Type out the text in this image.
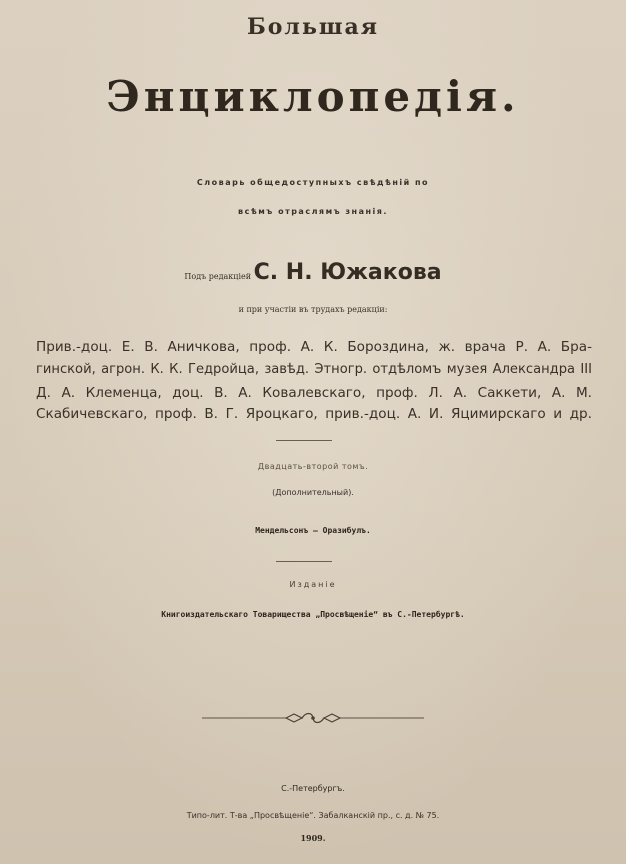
Большая
Энциклопедія.
Словарь общедоступныхъ свѣдѣній по
всѣмъ отраслямъ знанія.
Подъ редакціей С. Н. Южакова
и при участіи въ трудахъ редакціи:
Прив.-доц. Е. В. Аничкова, проф. А. К. Бороздина, ж. врача Р. А. Бра-
гинской, агрон. К. К. Гедройца, завѣд. Этногр. отдѣломъ музея Александра III
Д. А. Клеменца, доц. В. А. Ковалевскаго, проф. Л. А. Саккети, А. М.
Скабичевскаго, проф. В. Г. Яроцкаго, прив.-доц. А. И. Яцимирскаго и др.
Двадцать-второй томъ.
(Дополнительный).
Мендельсонъ — Оразибулъ.
Изданіе
Книгоиздательскаго Товарищества „Просвѣщеніе“ въ С.-Петербургѣ.
С.-Петербургъ.
Типо-лит. Т-ва „Просвѣщеніе“. Забалканскій пр., с. д. № 75.
1909.
